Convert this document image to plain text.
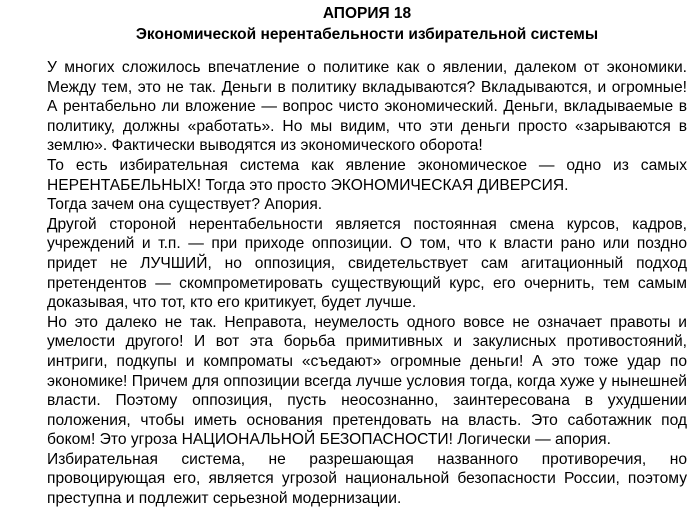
АПОРИЯ 18
Экономической нерентабельности избирательной системы

У многих сложилось впечатление о политике как о явлении, далеком от экономики. Между тем, это не так. Деньги в политику вкладываются? Вкладываются, и огромные! А рентабельно ли вложение — вопрос чисто экономический. Деньги, вкладываемые в политику, должны «работать». Но мы видим, что эти деньги просто «зарываются в землю». Фактически выводятся из экономического оборота!

То есть избирательная система как явление экономическое — одно из самых НЕРЕНТАБЕЛЬНЫХ! Тогда это просто ЭКОНОМИЧЕСКАЯ ДИВЕРСИЯ.

Тогда зачем она существует? Апория.

Другой стороной нерентабельности является постоянная смена курсов, кадров, учреждений и т.п. — при приходе оппозиции. О том, что к власти рано или поздно придет не ЛУЧШИЙ, но оппозиция, свидетельствует сам агитационный подход претендентов — скомпрометировать существующий курс, его очернить, тем самым доказывая, что тот, кто его критикует, будет лучше.

Но это далеко не так. Неправота, неумелость одного вовсе не означает правоты и умелости другого! И вот эта борьба примитивных и закулисных противостояний, интриги, подкупы и компроматы «съедают» огромные деньги! А это тоже удар по экономике! Причем для оппозиции всегда лучше условия тогда, когда хуже у нынешней власти. Поэтому оппозиция, пусть неосознанно, заинтересована в ухудшении положения, чтобы иметь основания претендовать на власть. Это саботажник под боком! Это угроза НАЦИОНАЛЬНОЙ БЕЗОПАСНОСТИ! Логически — апория.

Избирательная система, не разрешающая названного противоречия, но провоцирующая его, является угрозой национальной безопасности России, поэтому преступна и подлежит серьезной модернизации.
